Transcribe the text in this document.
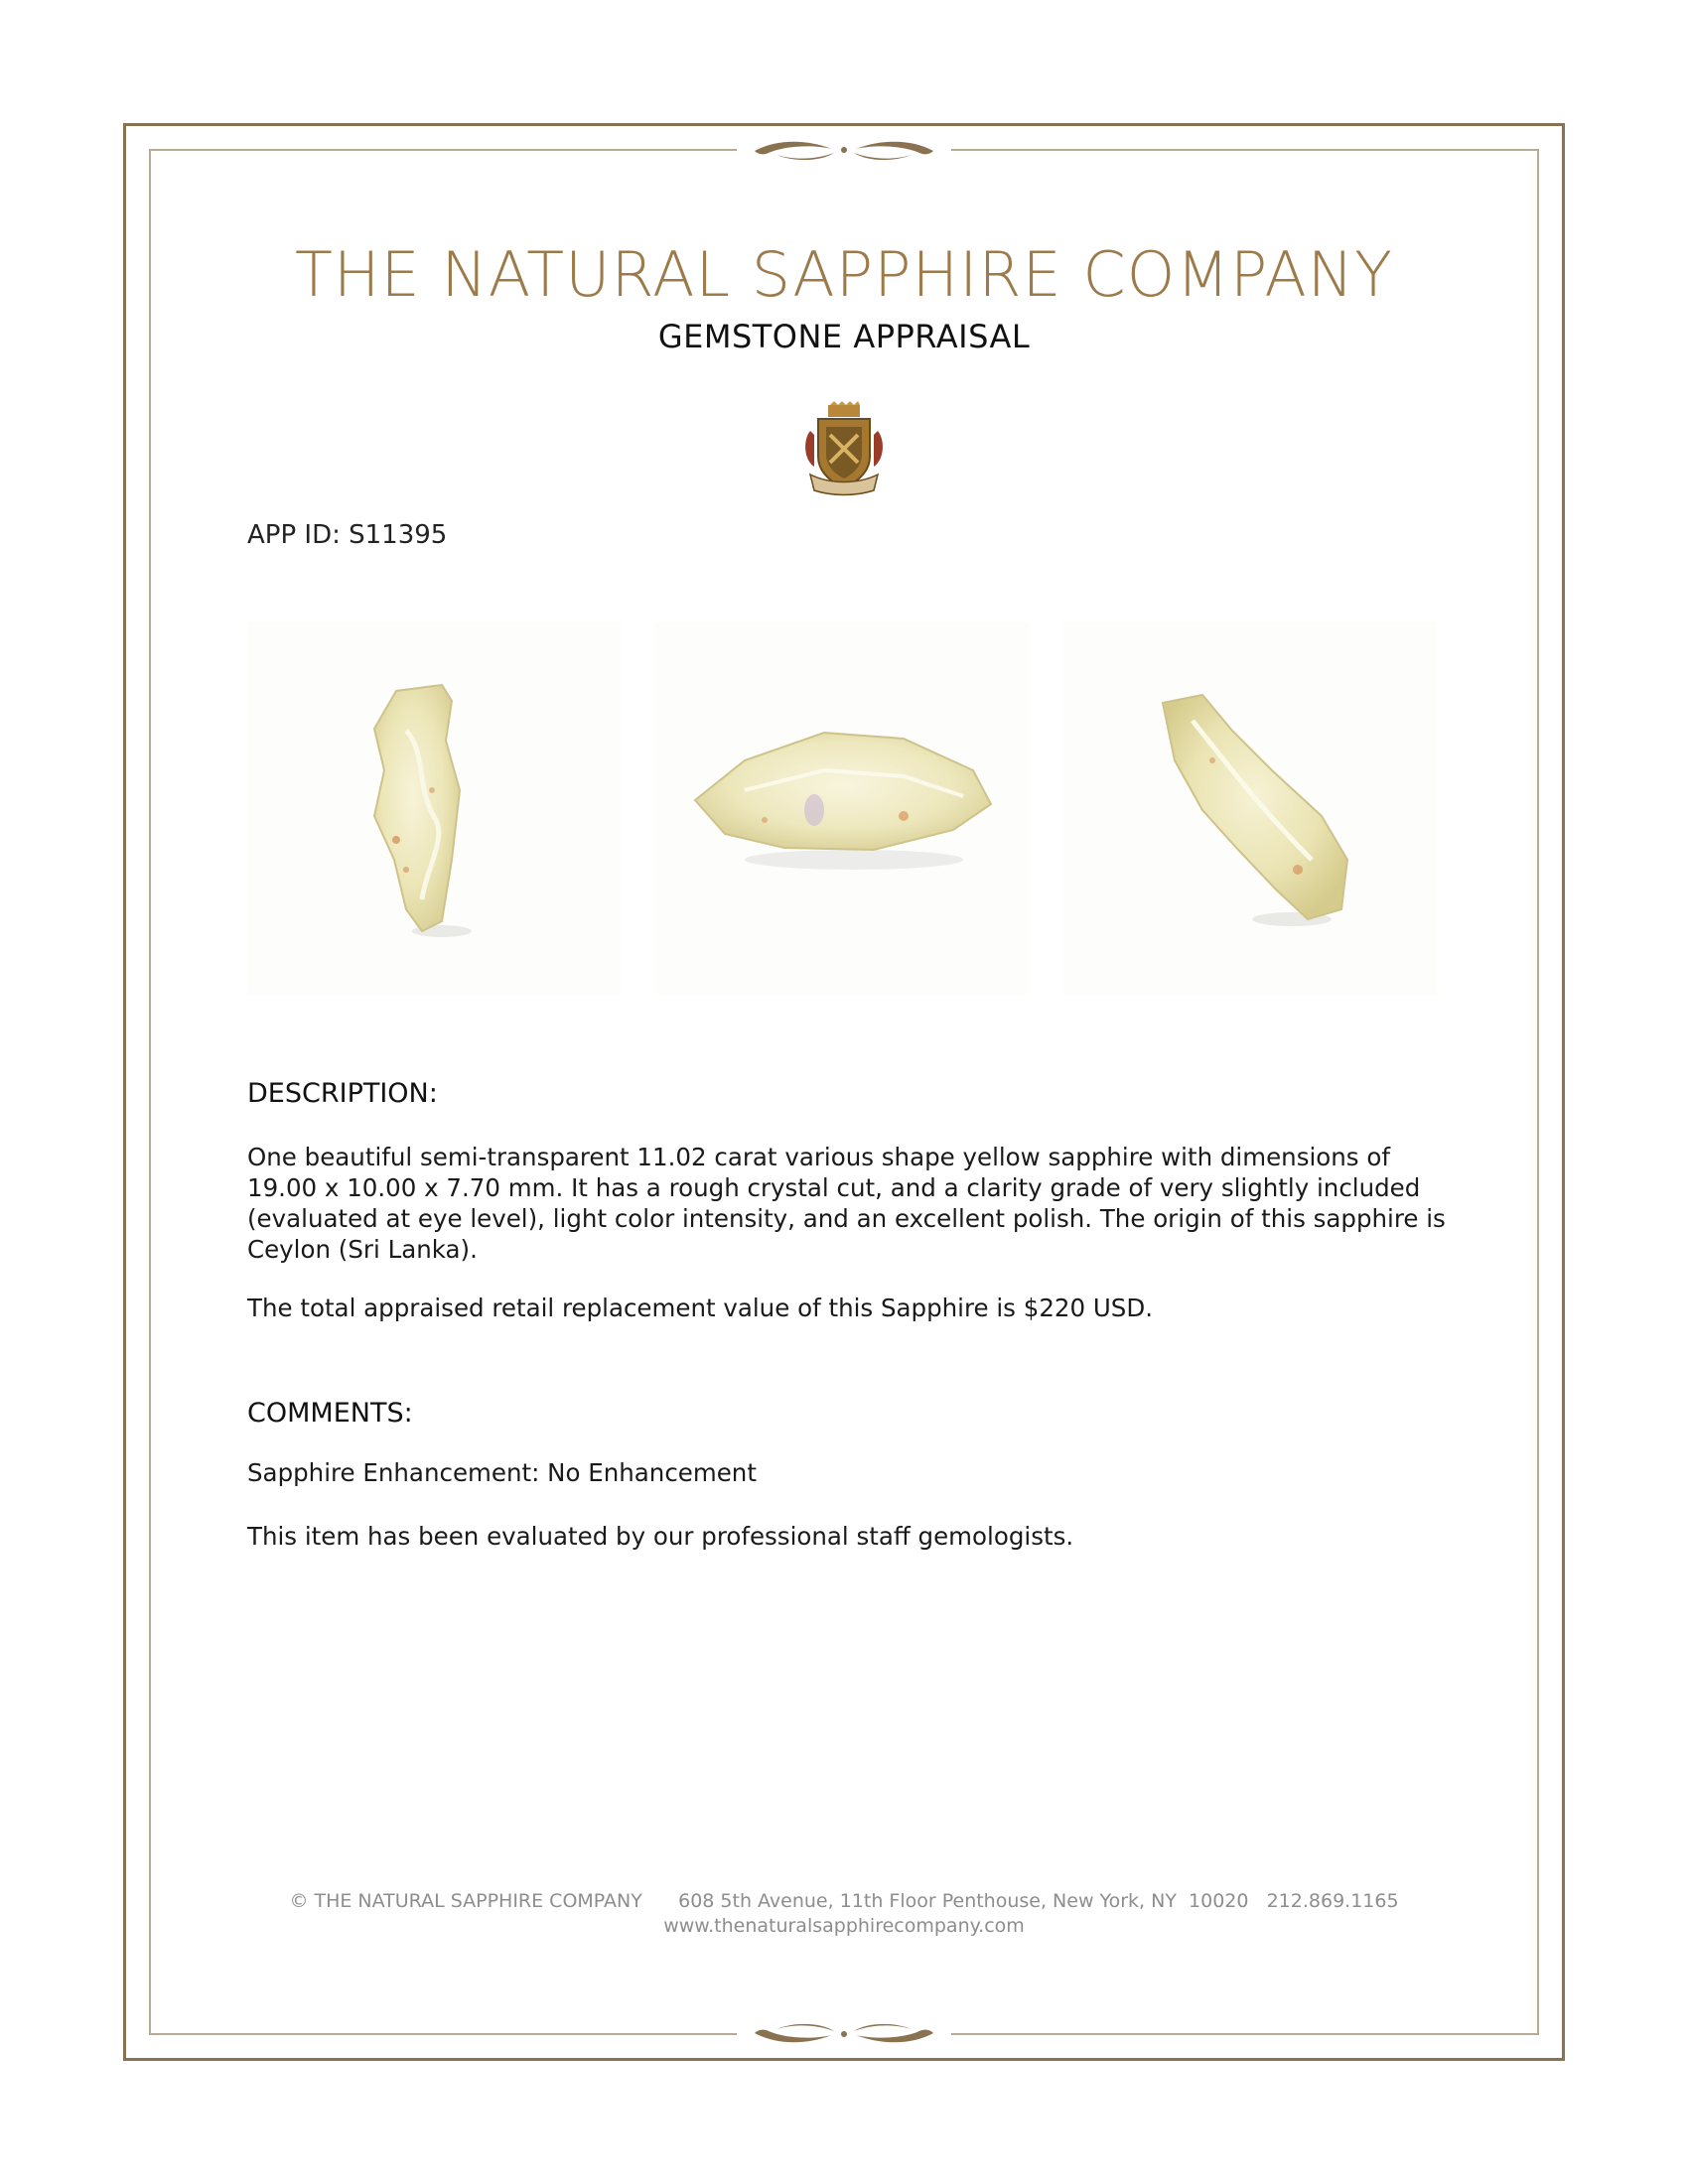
THE NATURAL SAPPHIRE COMPANY
GEMSTONE APPRAISAL
APP ID: S11395
DESCRIPTION:
One beautiful semi-transparent 11.02 carat various shape yellow sapphire with dimensions of 19.00 x 10.00 x 7.70 mm. It has a rough crystal cut, and a clarity grade of very slightly included (evaluated at eye level), light color intensity, and an excellent polish. The origin of this sapphire is Ceylon (Sri Lanka).
The total appraised retail replacement value of this Sapphire is $220 USD.
COMMENTS:
Sapphire Enhancement: No Enhancement
This item has been evaluated by our professional staff gemologists.
© THE NATURAL SAPPHIRE COMPANY 608 5th Avenue, 11th Floor Penthouse, New York, NY  10020   212.869.1165
www.thenaturalsapphirecompany.com
